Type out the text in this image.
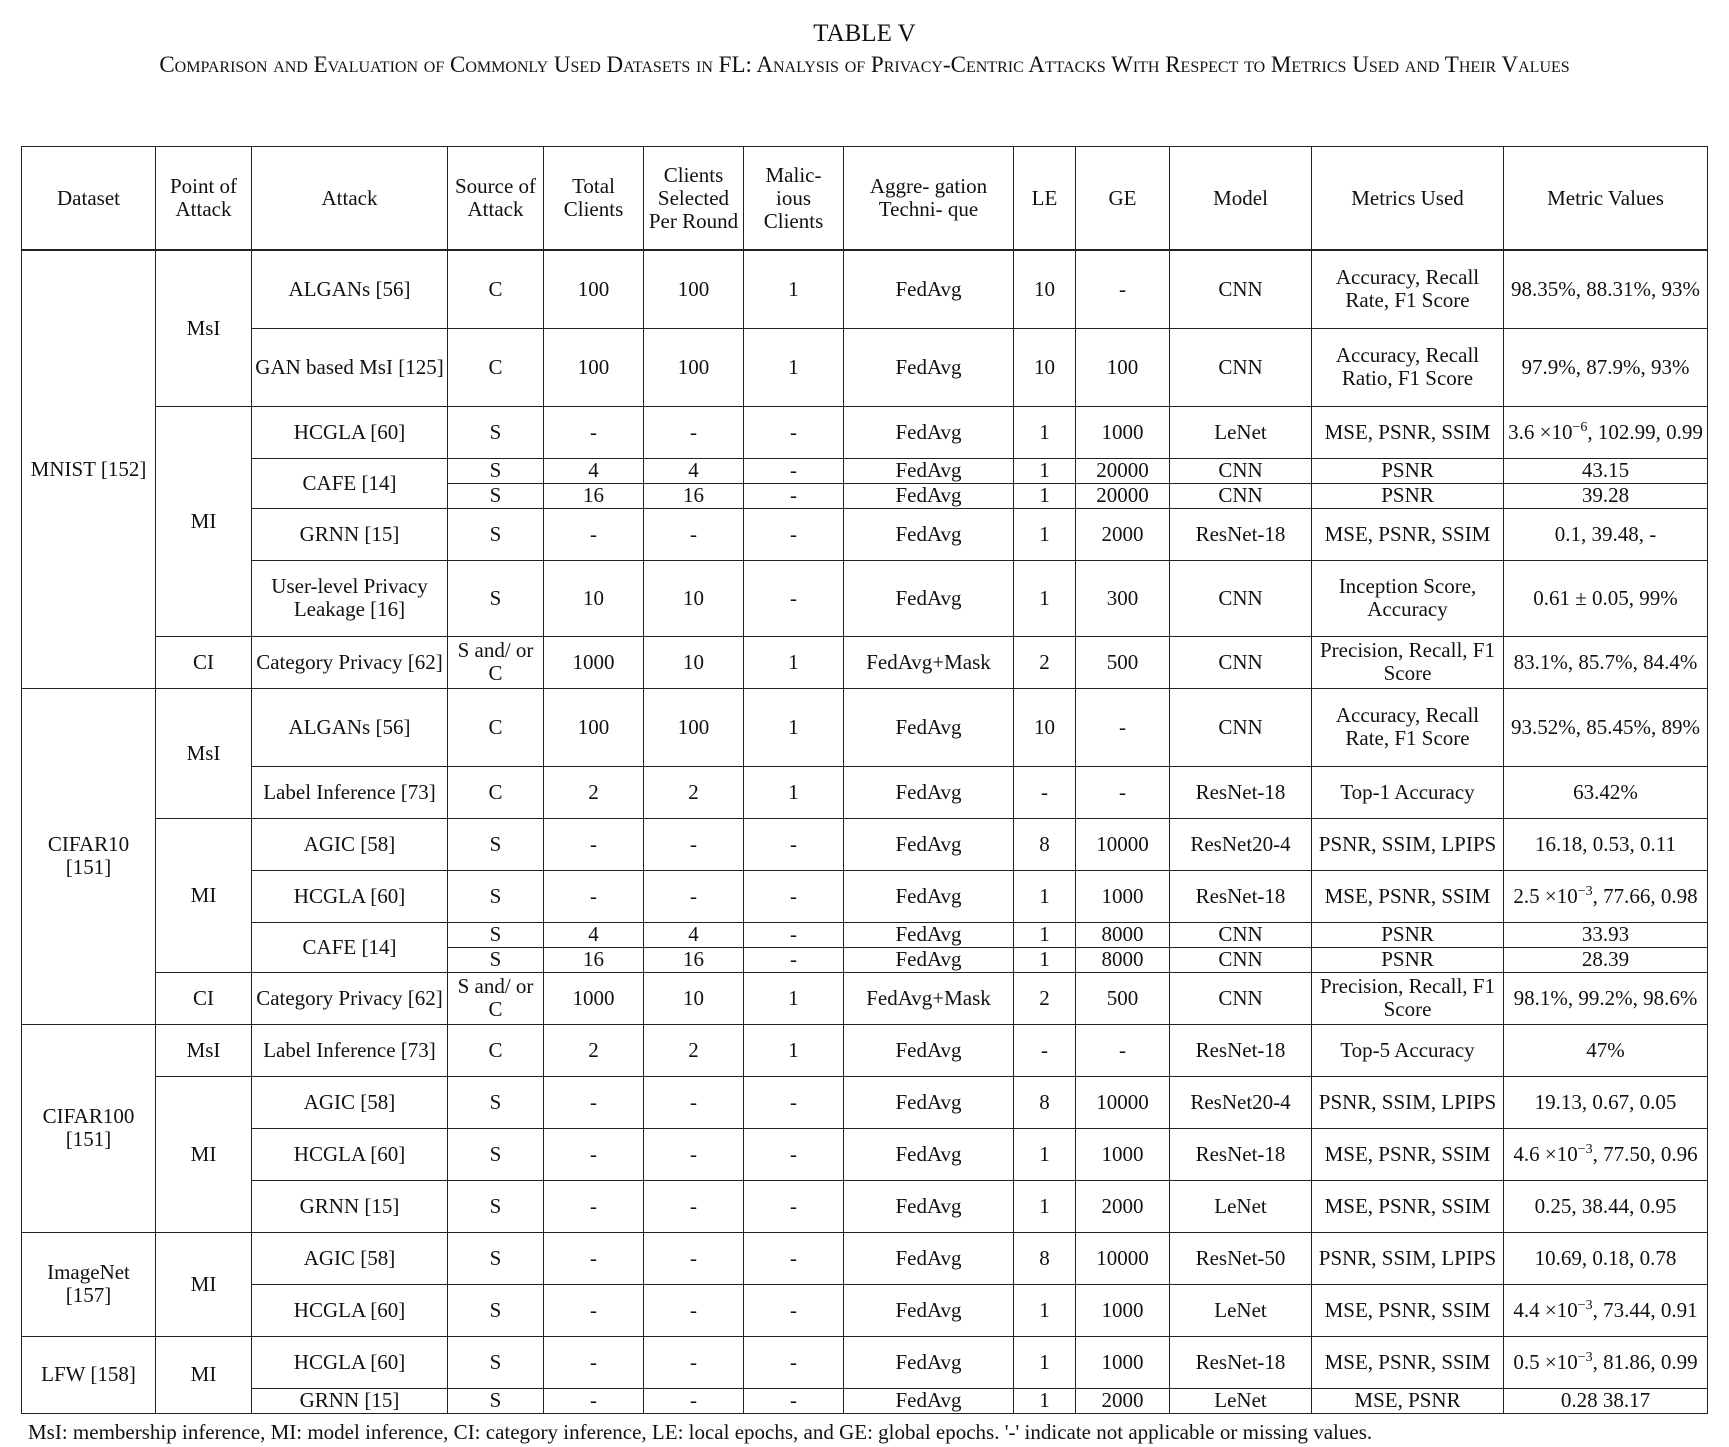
TABLE V
Comparison and Evaluation of Commonly Used Datasets in FL: Analysis of Privacy-Centric Attacks With Respect to Metrics Used and Their Values
Dataset	Point of Attack	Attack	Source of Attack	Total Clients	Clients Selected Per Round	Malic- ious Clients	Aggre- gation Techni- que	LE	GE	Model	Metrics Used	Metric Values
MNIST [152]	MsI	ALGANs [56]	C	100	100	1	FedAvg	10	-	CNN	Accuracy, Recall Rate, F1 Score	98.35%, 88.31%, 93%
		GAN based MsI [125]	C	100	100	1	FedAvg	10	100	CNN	Accuracy, Recall Ratio, F1 Score	97.9%, 87.9%, 93%
	MI	HCGLA [60]	S	-	-	-	FedAvg	1	1000	LeNet	MSE, PSNR, SSIM	$3.6 \times 10^{-6}$, 102.99, 0.99
		CAFE [14]	S	4	4	-	FedAvg	1	20000	CNN	PSNR	43.15
			S	16	16	-	FedAvg	1	20000	CNN	PSNR	39.28
		GRNN [15]	S	-	-	-	FedAvg	1	2000	ResNet-18	MSE, PSNR, SSIM	0.1, 39.48, -
		User-level Privacy Leakage [16]	S	10	10	-	FedAvg	1	300	CNN	Inception Score, Accuracy	0.61 ± 0.05, 99%
	CI	Category Privacy [62]	S and/ or C	1000	10	1	FedAvg+Mask	2	500	CNN	Precision, Recall, F1 Score	83.1%, 85.7%, 84.4%
CIFAR10 [151]	MsI	ALGANs [56]	C	100	100	1	FedAvg	10	-	CNN	Accuracy, Recall Rate, F1 Score	93.52%, 85.45%, 89%
		Label Inference [73]	C	2	2	1	FedAvg	-	-	ResNet-18	Top-1 Accuracy	63.42%
	MI	AGIC [58]	S	-	-	-	FedAvg	8	10000	ResNet20-4	PSNR, SSIM, LPIPS	16.18, 0.53, 0.11
		HCGLA [60]	S	-	-	-	FedAvg	1	1000	ResNet-18	MSE, PSNR, SSIM	$2.5 \times 10^{-3}$, 77.66, 0.98
		CAFE [14]	S	4	4	-	FedAvg	1	8000	CNN	PSNR	33.93
			S	16	16	-	FedAvg	1	8000	CNN	PSNR	28.39
	CI	Category Privacy [62]	S and/ or C	1000	10	1	FedAvg+Mask	2	500	CNN	Precision, Recall, F1 Score	98.1%, 99.2%, 98.6%
CIFAR100 [151]	MsI	Label Inference [73]	C	2	2	1	FedAvg	-	-	ResNet-18	Top-5 Accuracy	47%
	MI	AGIC [58]	S	-	-	-	FedAvg	8	10000	ResNet20-4	PSNR, SSIM, LPIPS	19.13, 0.67, 0.05
		HCGLA [60]	S	-	-	-	FedAvg	1	1000	ResNet-18	MSE, PSNR, SSIM	$4.6 \times 10^{-3}$, 77.50, 0.96
		GRNN [15]	S	-	-	-	FedAvg	1	2000	LeNet	MSE, PSNR, SSIM	0.25, 38.44, 0.95
ImageNet [157]	MI	AGIC [58]	S	-	-	-	FedAvg	8	10000	ResNet-50	PSNR, SSIM, LPIPS	10.69, 0.18, 0.78
		HCGLA [60]	S	-	-	-	FedAvg	1	1000	LeNet	MSE, PSNR, SSIM	$4.4 \times 10^{-3}$, 73.44, 0.91
LFW [158]	MI	HCGLA [60]	S	-	-	-	FedAvg	1	1000	ResNet-18	MSE, PSNR, SSIM	$0.5 \times 10^{-3}$, 81.86, 0.99
		GRNN [15]	S	-	-	-	FedAvg	1	2000	LeNet	MSE, PSNR	0.28 38.17
MsI: membership inference, MI: model inference, CI: category inference, LE: local epochs, and GE: global epochs. '-' indicate not applicable or missing values.
